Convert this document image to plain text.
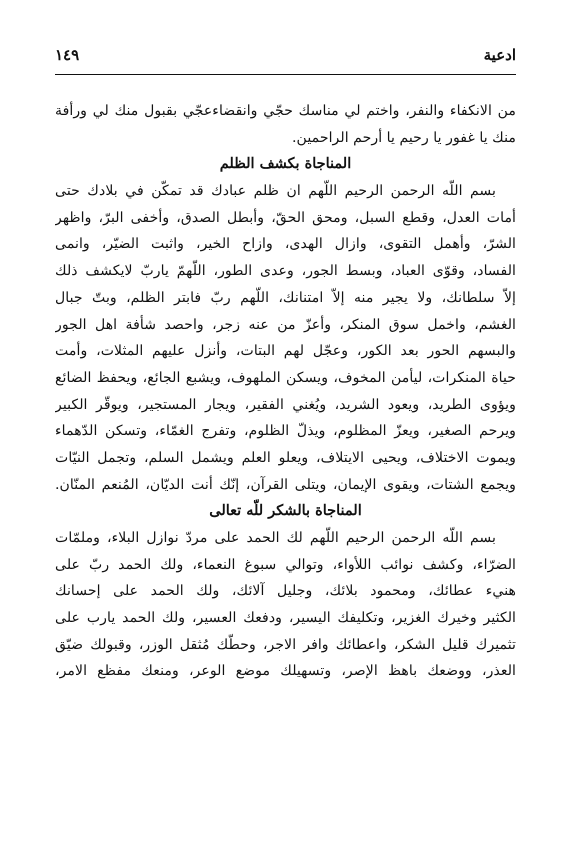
ادعية
١٤٩
من الانكفاء والنفر، واختم لي مناسك حجّي وانقضاءعجّي بقبول منك لي ورأفة
منك يا غفور يا رحيم يا أرحم الراحمين.
المناجاة بكشف الظلم
بسم اللّه الرحمن الرحيم اللّهم ان ظلم عبادك قد تمكّن في بلادك حتى
أمات العدل، وقطع السبل، ومحق الحقّ، وأبطل الصدق، وأخفى البرّ، واظهر
الشرّ، وأهمل التقوى، وازال الهدى، وازاح الخير، واثبت الضيّر، وانمى
الفساد، وقوّى العباد، وبسط الجور، وعدى الطور، اللّهمّ ياربّ لايكشف ذلك
إلاّ سلطانك، ولا يجير منه إلاّ امتنانك، اللّهم ربّ فابتر الظلم، وبتّ جبال
الغشم، واخمل سوق المنكر، وأعزّ من عنه زجر، واحصد شأفة اهل الجور
والبسهم الحور بعد الكور، وعجّل لهم البتات، وأنزل عليهم المثلات، وأمت
حياة المنكرات، ليأمن المخوف، ويسكن الملهوف، ويشبع الجائع، ويحفظ الضائع
ويؤوى الطريد، ويعود الشريد، ويُغني الفقير، ويجار المستجير، ويوقّر الكبير
ويرحم الصغير، ويعزّ المظلوم، ويذلّ الظلوم، وتفرج الغمّاء، وتسكن الدّهماء
ويموت الاختلاف، ويحيى الايتلاف، ويعلو العلم ويشمل السلم، وتجمل النيّات
ويجمع الشتات، ويقوى الإيمان، ويتلى القرآن، إنّك أنت الديّان، المُنعم المنّان.
المناجاة بالشكر للّه تعالى
بسم اللّه الرحمن الرحيم اللّهم لك الحمد على مردّ نوازل البلاء، وملمّات
الضرّاء، وكشف نوائب اللأواء، وتوالي سبوغ النعماء، ولك الحمد ربّ على
هنيء عطائك، ومحمود بلائك، وجليل آلائك، ولك الحمد على إحسانك
الكثير وخيرك الغزير، وتكليفك اليسير، ودفعك العسير، ولك الحمد يارب على
تثميرك قليل الشكر، واعطائك وافر الاجر، وحطّك مُثقل الوزر، وقبولك ضيّق
العذر، ووضعك باهظ الإصر، وتسهيلك موضع الوعر، ومنعك مفظع الامر،
